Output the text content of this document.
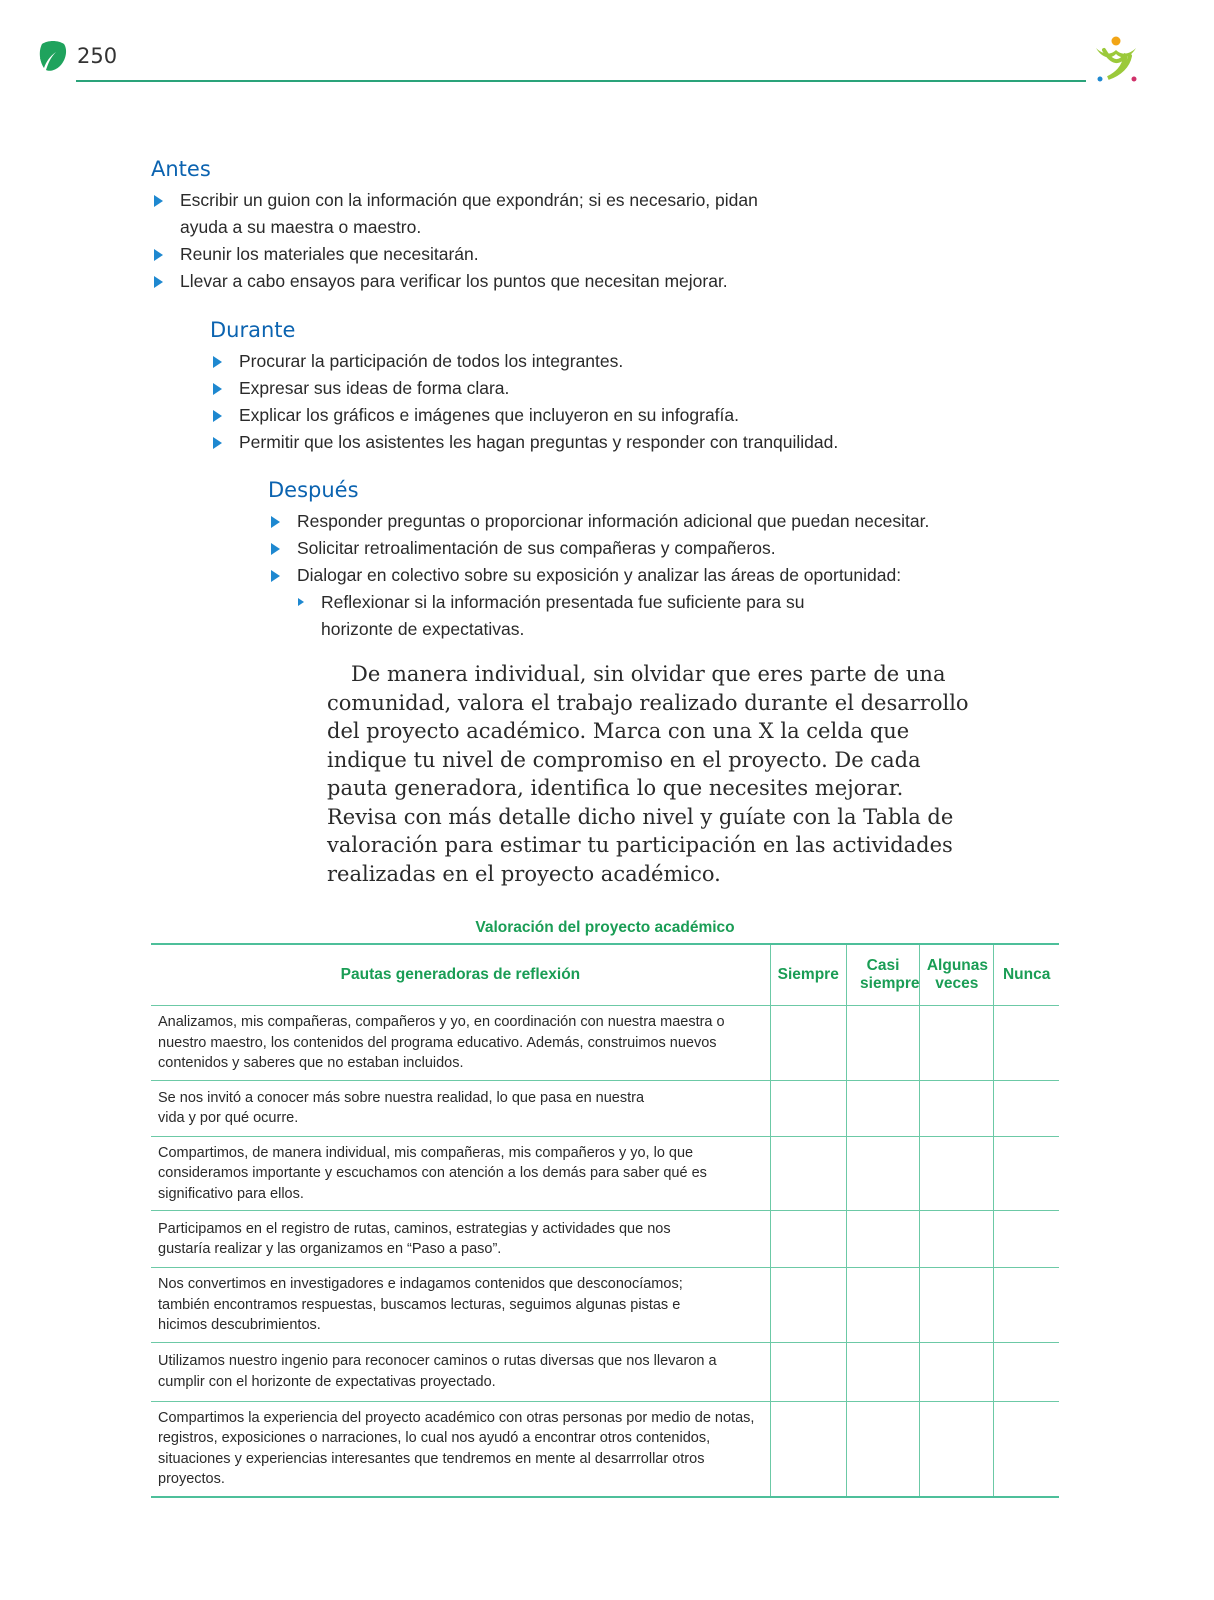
250
Antes
Escribir un guion con la información que expondrán; si es necesario, pidan ayuda a su maestra o maestro.
Reunir los materiales que necesitarán.
Llevar a cabo ensayos para verificar los puntos que necesitan mejorar.
Durante
Procurar la participación de todos los integrantes.
Expresar sus ideas de forma clara.
Explicar los gráficos e imágenes que incluyeron en su infografía.
Permitir que los asistentes les hagan preguntas y responder con tranquilidad.
Después
Responder preguntas o proporcionar información adicional que puedan necesitar.
Solicitar retroalimentación de sus compañeras y compañeros.
Dialogar en colectivo sobre su exposición y analizar las áreas de oportunidad:
Reflexionar si la información presentada fue suficiente para su horizonte de expectativas.

De manera individual, sin olvidar que eres parte de una comunidad, valora el trabajo realizado durante el desarrollo del proyecto académico. Marca con una X la celda que indique tu nivel de compromiso en el proyecto. De cada pauta generadora, identifica lo que necesites mejorar. Revisa con más detalle dicho nivel y guíate con la Tabla de valoración para estimar tu participación en las actividades realizadas en el proyecto académico.

Valoración del proyecto académico
Pautas generadoras de reflexión	Siempre	Casi siempre	Algunas veces	Nunca
Analizamos, mis compañeras, compañeros y yo, en coordinación con nuestra maestra o nuestro maestro, los contenidos del programa educativo. Además, construimos nuevos contenidos y saberes que no estaban incluidos.				
Se nos invitó a conocer más sobre nuestra realidad, lo que pasa en nuestra vida y por qué ocurre.				
Compartimos, de manera individual, mis compañeras, mis compañeros y yo, lo que consideramos importante y escuchamos con atención a los demás para saber qué es significativo para ellos.				
Participamos en el registro de rutas, caminos, estrategias y actividades que nos gustaría realizar y las organizamos en “Paso a paso”.				
Nos convertimos en investigadores e indagamos contenidos que desconocíamos; también encontramos respuestas, buscamos lecturas, seguimos algunas pistas e hicimos descubrimientos.				
Utilizamos nuestro ingenio para reconocer caminos o rutas diversas que nos llevaron a cumplir con el horizonte de expectativas proyectado.				
Compartimos la experiencia del proyecto académico con otras personas por medio de notas, registros, exposiciones o narraciones, lo cual nos ayudó a encontrar otros contenidos, situaciones y experiencias interesantes que tendremos en mente al desarrrollar otros proyectos.				
